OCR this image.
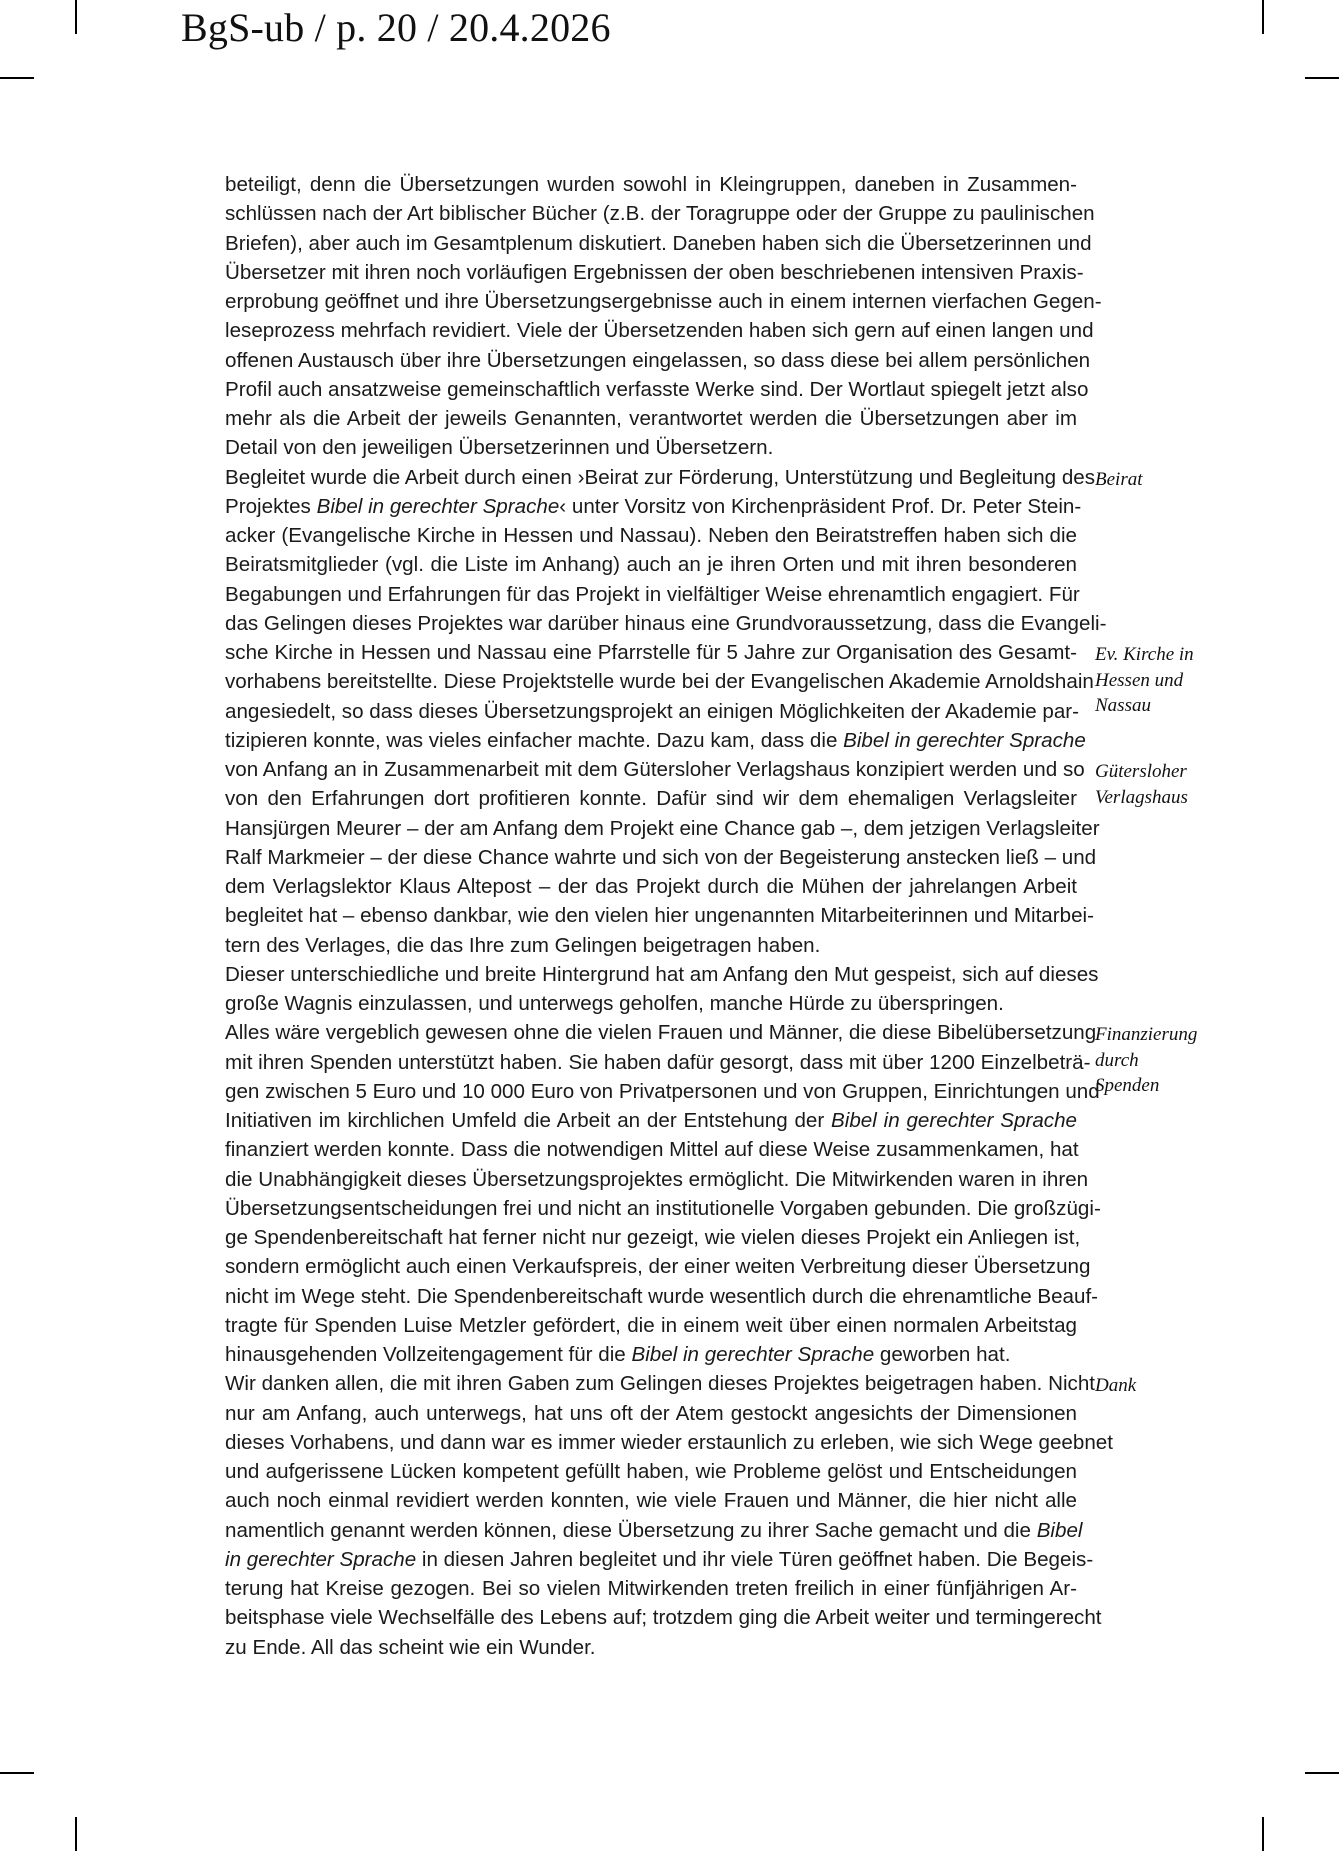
BgS-ub / p. 20 / 20.4.2026
beteiligt, denn die Übersetzungen wurden sowohl in Kleingruppen, daneben in Zusammen-
schlüssen nach der Art biblischer Bücher (z.B. der Toragruppe oder der Gruppe zu paulinischen
Briefen), aber auch im Gesamtplenum diskutiert. Daneben haben sich die Übersetzerinnen und
Übersetzer mit ihren noch vorläufigen Ergebnissen der oben beschriebenen intensiven Praxis-
erprobung geöffnet und ihre Übersetzungsergebnisse auch in einem internen vierfachen Gegen-
leseprozess mehrfach revidiert. Viele der Übersetzenden haben sich gern auf einen langen und
offenen Austausch über ihre Übersetzungen eingelassen, so dass diese bei allem persönlichen
Profil auch ansatzweise gemeinschaftlich verfasste Werke sind. Der Wortlaut spiegelt jetzt also
mehr als die Arbeit der jeweils Genannten, verantwortet werden die Übersetzungen aber im
Detail von den jeweiligen Übersetzerinnen und Übersetzern.
Begleitet wurde die Arbeit durch einen ›Beirat zur Förderung, Unterstützung und Begleitung des
Projektes Bibel in gerechter Sprache‹ unter Vorsitz von Kirchenpräsident Prof. Dr. Peter Stein-
acker (Evangelische Kirche in Hessen und Nassau). Neben den Beiratstreffen haben sich die
Beiratsmitglieder (vgl. die Liste im Anhang) auch an je ihren Orten und mit ihren besonderen
Begabungen und Erfahrungen für das Projekt in vielfältiger Weise ehrenamtlich engagiert. Für
das Gelingen dieses Projektes war darüber hinaus eine Grundvoraussetzung, dass die Evangeli-
sche Kirche in Hessen und Nassau eine Pfarrstelle für 5 Jahre zur Organisation des Gesamt-
vorhabens bereitstellte. Diese Projektstelle wurde bei der Evangelischen Akademie Arnoldshain
angesiedelt, so dass dieses Übersetzungsprojekt an einigen Möglichkeiten der Akademie par-
tizipieren konnte, was vieles einfacher machte. Dazu kam, dass die Bibel in gerechter Sprache
von Anfang an in Zusammenarbeit mit dem Gütersloher Verlagshaus konzipiert werden und so
von den Erfahrungen dort profitieren konnte. Dafür sind wir dem ehemaligen Verlagsleiter
Hansjürgen Meurer – der am Anfang dem Projekt eine Chance gab –, dem jetzigen Verlagsleiter
Ralf Markmeier – der diese Chance wahrte und sich von der Begeisterung anstecken ließ – und
dem Verlagslektor Klaus Altepost – der das Projekt durch die Mühen der jahrelangen Arbeit
begleitet hat – ebenso dankbar, wie den vielen hier ungenannten Mitarbeiterinnen und Mitarbei-
tern des Verlages, die das Ihre zum Gelingen beigetragen haben.
Dieser unterschiedliche und breite Hintergrund hat am Anfang den Mut gespeist, sich auf dieses
große Wagnis einzulassen, und unterwegs geholfen, manche Hürde zu überspringen.
Alles wäre vergeblich gewesen ohne die vielen Frauen und Männer, die diese Bibelübersetzung
mit ihren Spenden unterstützt haben. Sie haben dafür gesorgt, dass mit über 1200 Einzelbeträ-
gen zwischen 5 Euro und 10 000 Euro von Privatpersonen und von Gruppen, Einrichtungen und
Initiativen im kirchlichen Umfeld die Arbeit an der Entstehung der Bibel in gerechter Sprache
finanziert werden konnte. Dass die notwendigen Mittel auf diese Weise zusammenkamen, hat
die Unabhängigkeit dieses Übersetzungsprojektes ermöglicht. Die Mitwirkenden waren in ihren
Übersetzungsentscheidungen frei und nicht an institutionelle Vorgaben gebunden. Die großzügi-
ge Spendenbereitschaft hat ferner nicht nur gezeigt, wie vielen dieses Projekt ein Anliegen ist,
sondern ermöglicht auch einen Verkaufspreis, der einer weiten Verbreitung dieser Übersetzung
nicht im Wege steht. Die Spendenbereitschaft wurde wesentlich durch die ehrenamtliche Beauf-
tragte für Spenden Luise Metzler gefördert, die in einem weit über einen normalen Arbeitstag
hinausgehenden Vollzeitengagement für die Bibel in gerechter Sprache geworben hat.
Wir danken allen, die mit ihren Gaben zum Gelingen dieses Projektes beigetragen haben. Nicht
nur am Anfang, auch unterwegs, hat uns oft der Atem gestockt angesichts der Dimensionen
dieses Vorhabens, und dann war es immer wieder erstaunlich zu erleben, wie sich Wege geebnet
und aufgerissene Lücken kompetent gefüllt haben, wie Probleme gelöst und Entscheidungen
auch noch einmal revidiert werden konnten, wie viele Frauen und Männer, die hier nicht alle
namentlich genannt werden können, diese Übersetzung zu ihrer Sache gemacht und die Bibel
in gerechter Sprache in diesen Jahren begleitet und ihr viele Türen geöffnet haben. Die Begeis-
terung hat Kreise gezogen. Bei so vielen Mitwirkenden treten freilich in einer fünfjährigen Ar-
beitsphase viele Wechselfälle des Lebens auf; trotzdem ging die Arbeit weiter und termingerecht
zu Ende. All das scheint wie ein Wunder.
Beirat
Ev. Kirche in
Hessen und
Nassau
Gütersloher
Verlagshaus
Finanzierung
durch
Spenden
Dank
